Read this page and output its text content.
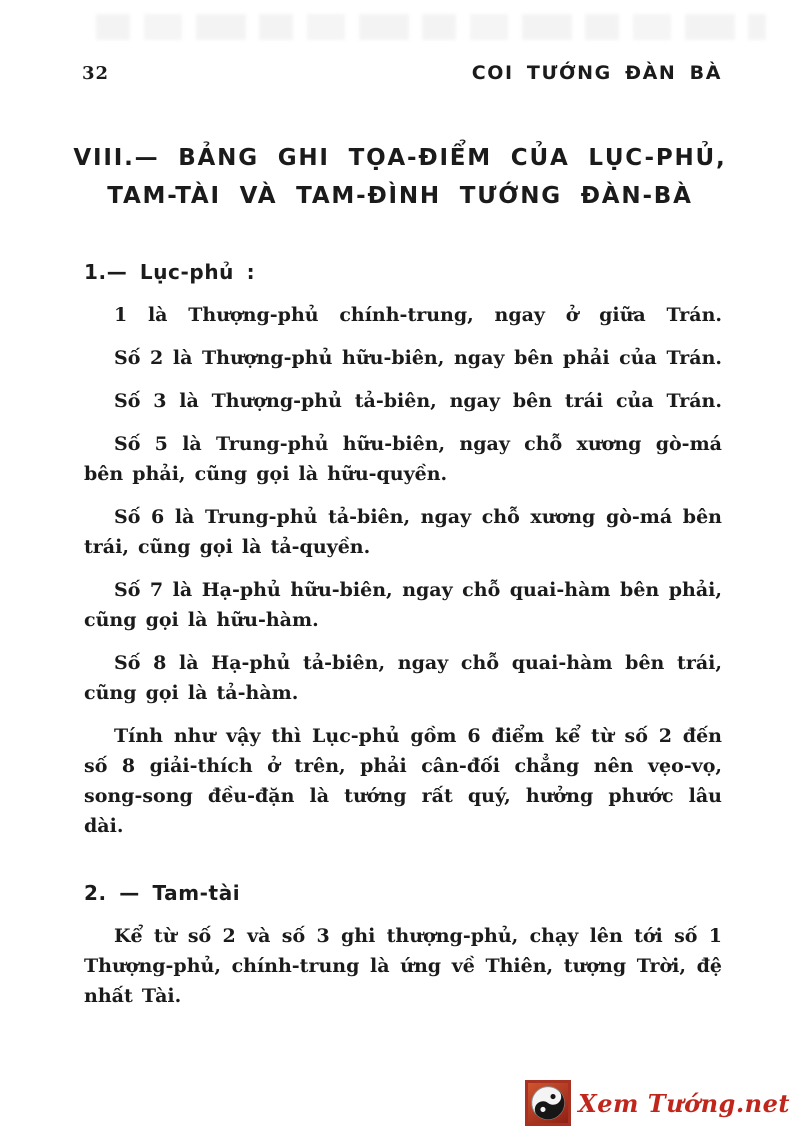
32	COI TƯỚNG ĐÀN BÀ
VIII.— BẢNG GHI TỌA-ĐIỂM CỦA LỤC-PHỦ,
TAM-TÀI VÀ TAM-ĐÌNH TƯỚNG ĐÀN-BÀ
1.— Lục-phủ :

1 là Thượng-phủ chính-trung, ngay ở giữa Trán.

Số 2 là Thượng-phủ hữu-biên, ngay bên phải của Trán.

Số 3 là Thượng-phủ tả-biên, ngay bên trái của Trán.

Số 5 là Trung-phủ hữu-biên, ngay chỗ xương gò-má bên phải, cũng gọi là hữu-quyền.

Số 6 là Trung-phủ tả-biên, ngay chỗ xương gò-má bên trái, cũng gọi là tả-quyền.

Số 7 là Hạ-phủ hữu-biên, ngay chỗ quai-hàm bên phải, cũng gọi là hữu-hàm.

Số 8 là Hạ-phủ tả-biên, ngay chỗ quai-hàm bên trái, cũng gọi là tả-hàm.

Tính như vậy thì Lục-phủ gồm 6 điểm kể từ số 2 đến số 8 giải-thích ở trên, phải cân-đối chẳng nên vẹo-vọ, song-song đều-đặn là tướng rất quý, hưởng phước lâu dài.

2. — Tam-tài

Kể từ số 2 và số 3 ghi thượng-phủ, chạy lên tới số 1 Thượng-phủ, chính-trung là ứng về Thiên, tượng Trời, đệ nhất Tài.

Xem Tướng.net
